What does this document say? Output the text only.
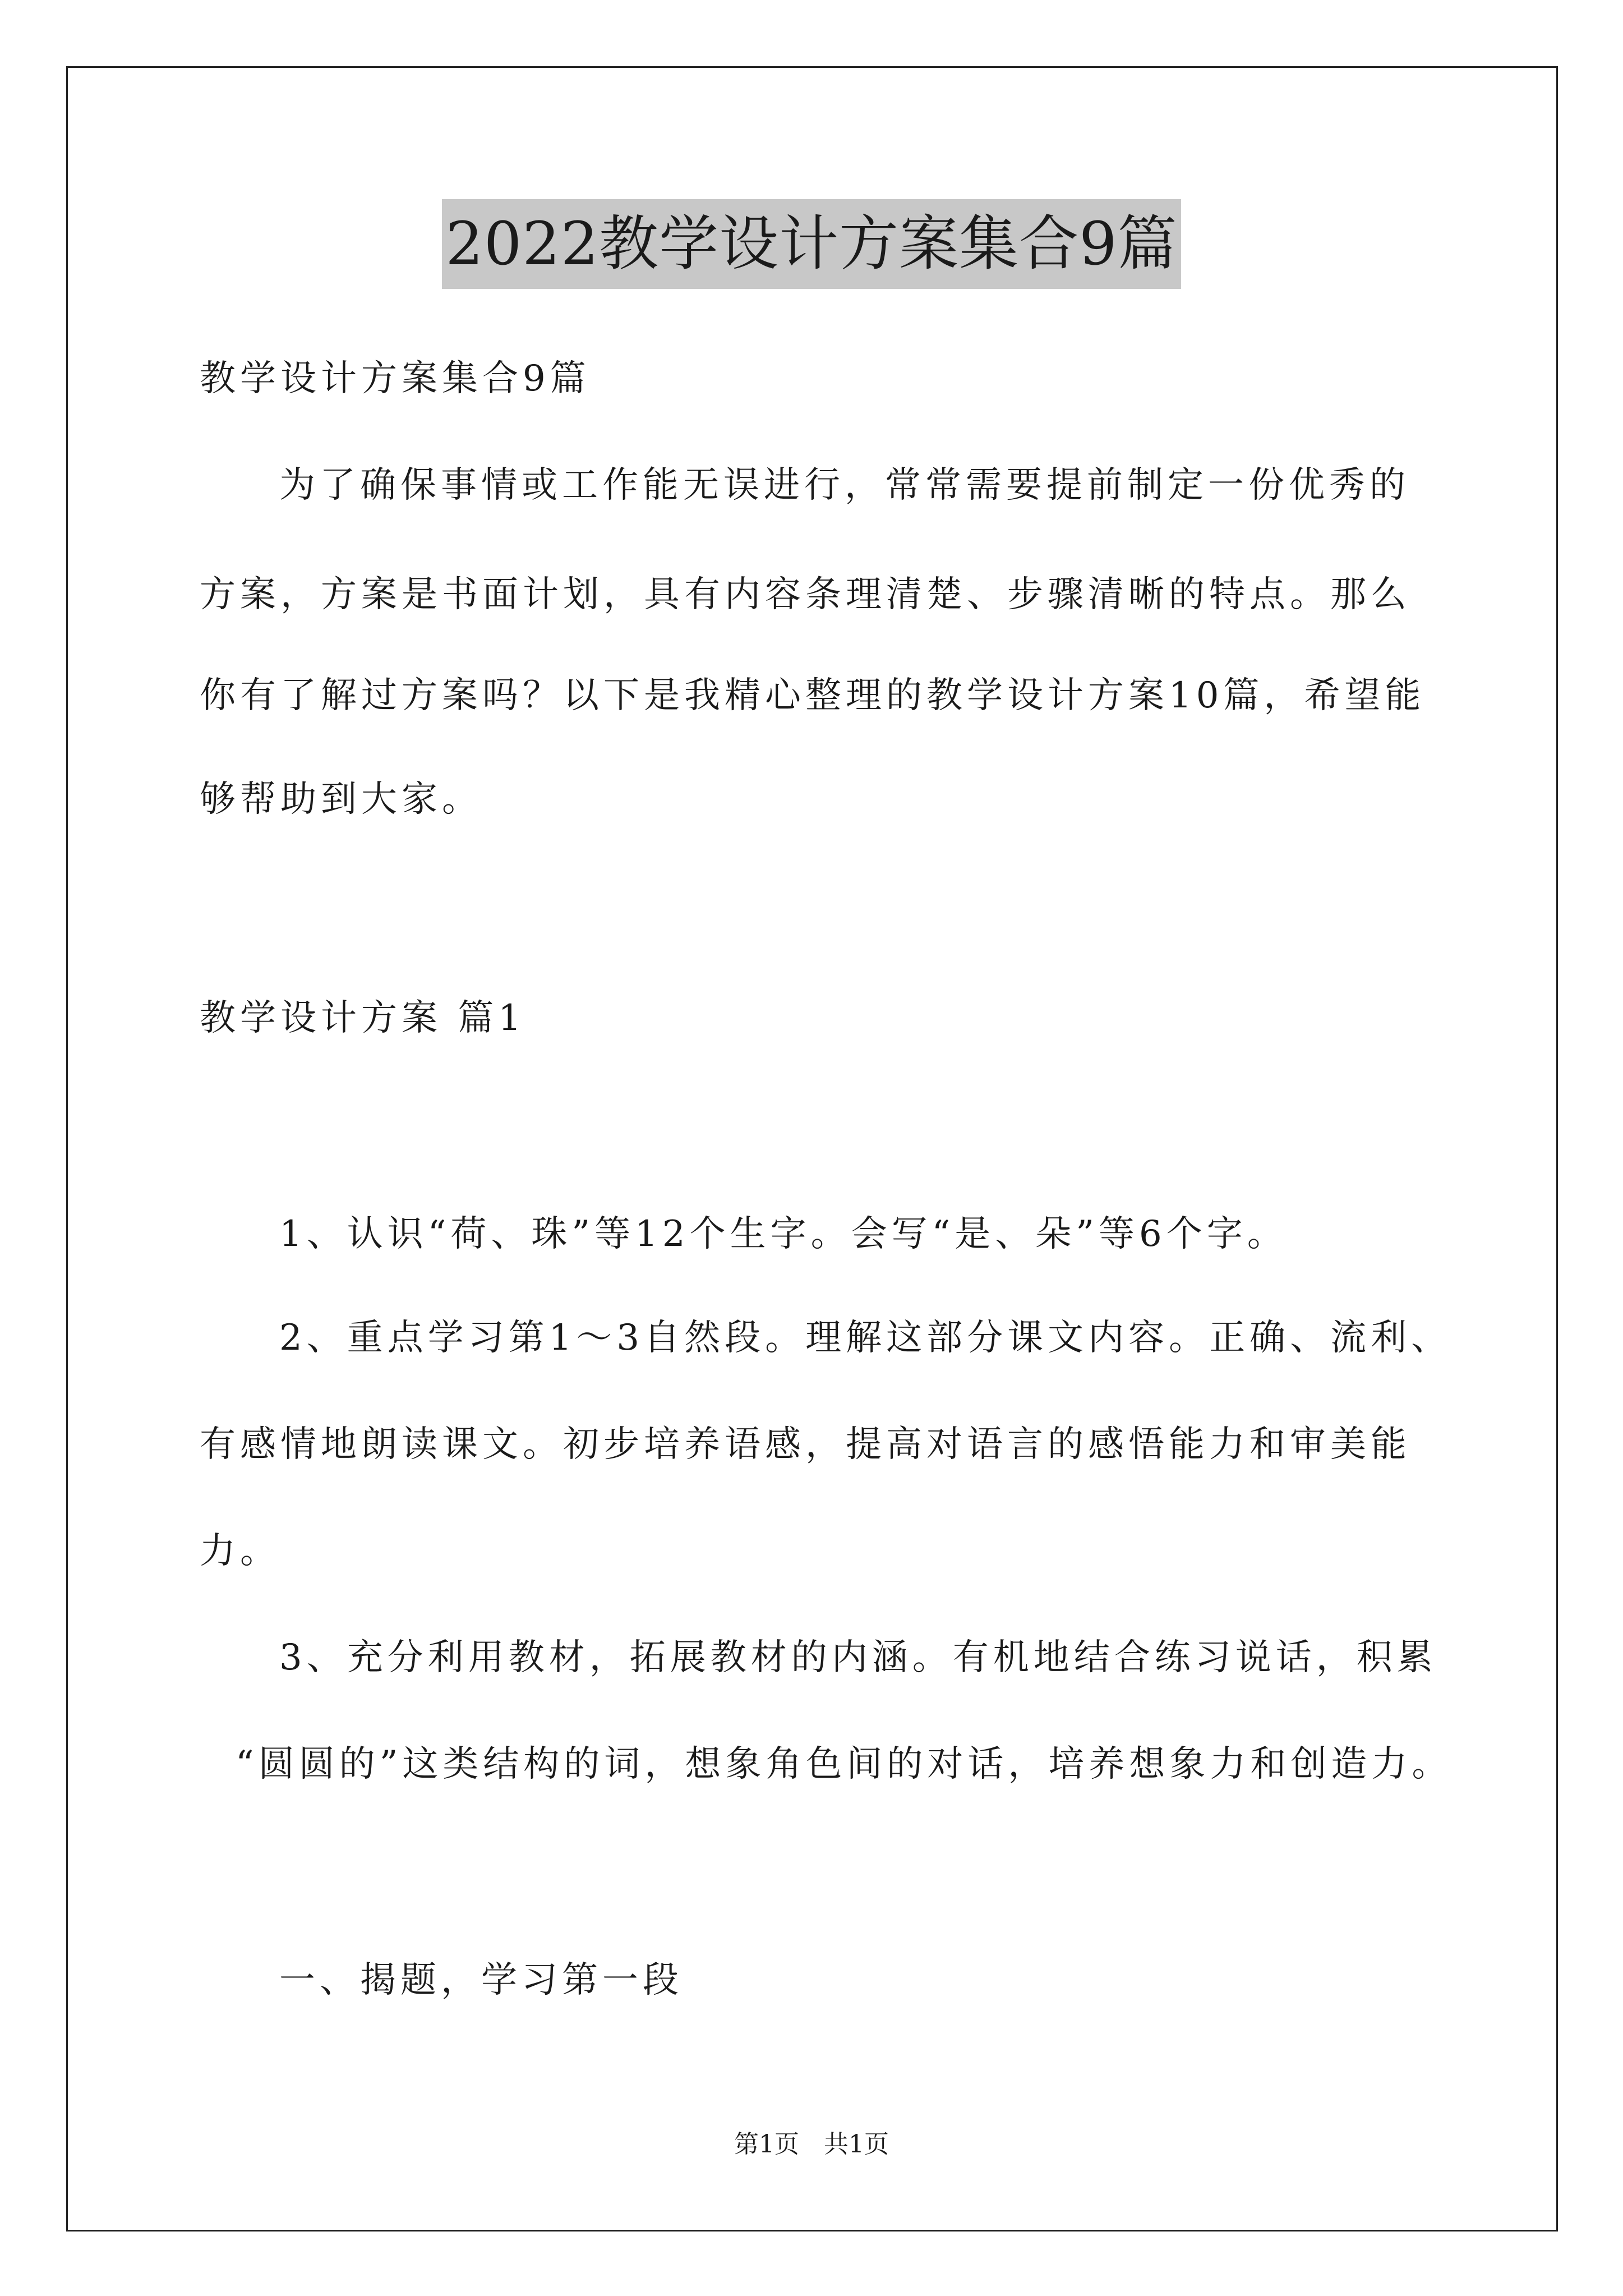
2022教学设计方案集合9篇
教学设计方案集合9篇
为了确保事情或工作能无误进行，常常需要提前制定一份优秀的
方案，方案是书面计划，具有内容条理清楚、步骤清晰的特点。那么
你有了解过方案吗？以下是我精心整理的教学设计方案10篇，希望能
够帮助到大家。
教学设计方案 篇1
1、认识“荷、珠”等12个生字。会写“是、朵”等6个字。
2、重点学习第1～3自然段。理解这部分课文内容。正确、流利、
有感情地朗读课文。初步培养语感，提高对语言的感悟能力和审美能
力。
3、充分利用教材，拓展教材的内涵。有机地结合练习说话，积累
“圆圆的”这类结构的词，想象角色间的对话，培养想象力和创造力。
一、揭题，学习第一段
第1页　共1页
